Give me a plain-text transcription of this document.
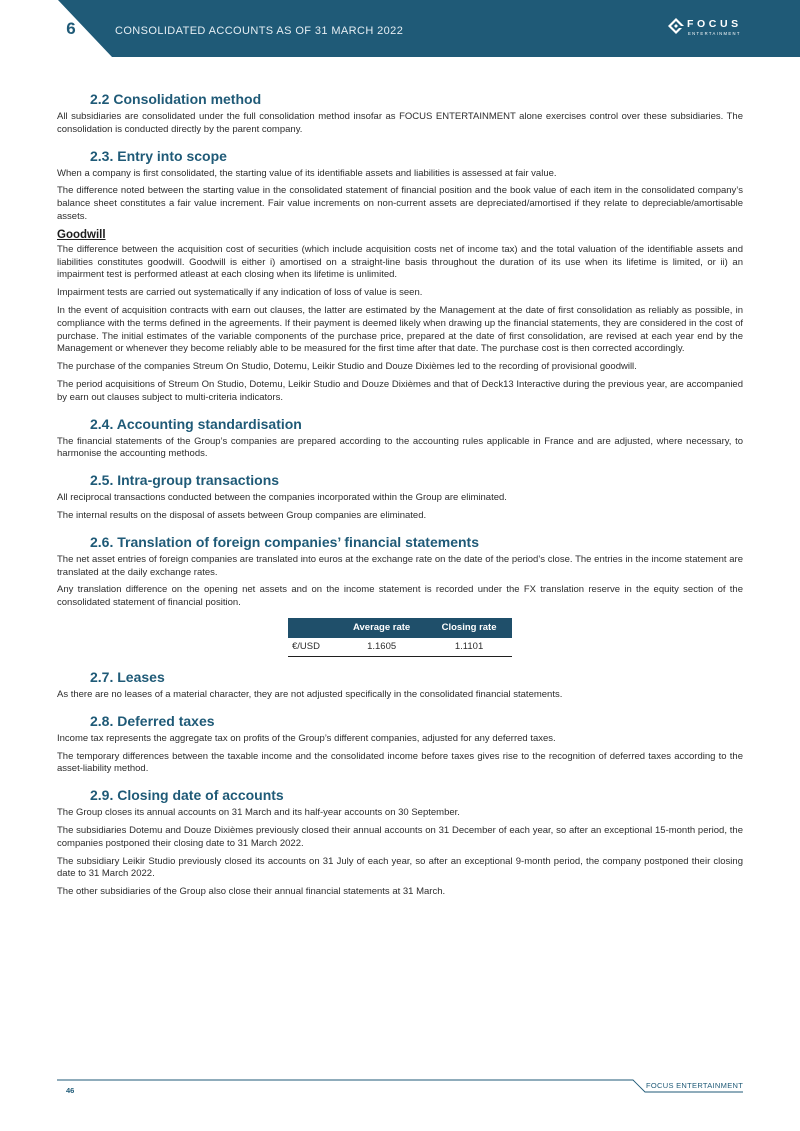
6	CONSOLIDATED ACCOUNTS AS OF 31 MARCH 2022
FOCUS
ENTERTAINMENT
2.2 Consolidation method

All subsidiaries are consolidated under the full consolidation method insofar as FOCUS ENTERTAINMENT alone exercises control over these subsidiaries. The consolidation is conducted directly by the parent company.

2.3. Entry into scope

When a company is first consolidated, the starting value of its identifiable assets and liabilities is assessed at fair value.

The difference noted between the starting value in the consolidated statement of financial position and the book value of each item in the consolidated company’s balance sheet constitutes a fair value increment. Fair value increments on non-current assets are depreciated/amortised if they relate to depreciable/amortisable assets.

Goodwill

The difference between the acquisition cost of securities (which include acquisition costs net of income tax) and the total valuation of the identifiable assets and liabilities constitutes goodwill. Goodwill is either i) amortised on a straight-line basis throughout the duration of its use when its lifetime is limited, or ii) an impairment test is performed atleast at each closing when its lifetime is unlimited.

Impairment tests are carried out systematically if any indication of loss of value is seen.

In the event of acquisition contracts with earn out clauses, the latter are estimated by the Management at the date of first consolidation as reliably as possible, in compliance with the terms defined in the agreements. If their payment is deemed likely when drawing up the financial statements, they are considered in the cost of purchase. The initial estimates of the variable components of the purchase price, prepared at the date of first consolidation, are revised at each year end by the Management or whenever they become reliably able to be measured for the first time after that date. The purchase cost is then corrected accordingly.

The purchase of the companies Streum On Studio, Dotemu, Leikir Studio and Douze Dixièmes led to the recording of provisional goodwill.

The period acquisitions of Streum On Studio, Dotemu, Leikir Studio and Douze Dixièmes and that of Deck13 Interactive during the previous year, are accompanied by earn out clauses subject to multi-criteria indicators.

2.4. Accounting standardisation

The financial statements of the Group’s companies are prepared according to the accounting rules applicable in France and are adjusted, where necessary, to harmonise the accounting methods.

2.5. Intra-group transactions

All reciprocal transactions conducted between the companies incorporated within the Group are eliminated.

The internal results on the disposal of assets between Group companies are eliminated.

2.6. Translation of foreign companies’ financial statements

The net asset entries of foreign companies are translated into euros at the exchange rate on the date of the period’s close. The entries in the income statement are translated at the daily exchange rates.

Any translation difference on the opening net assets and on the income statement is recorded under the FX translation reserve in the equity section of the consolidated statement of financial position.

	Average rate	Closing rate
€/USD	1.1605	1.1101
2.7. Leases

As there are no leases of a material character, they are not adjusted specifically in the consolidated financial statements.

2.8. Deferred taxes

Income tax represents the aggregate tax on profits of the Group’s different companies, adjusted for any deferred taxes.

The temporary differences between the taxable income and the consolidated income before taxes gives rise to the recognition of deferred taxes according to the asset-liability method.

2.9. Closing date of accounts

The Group closes its annual accounts on 31 March and its half-year accounts on 30 September.

The subsidiaries Dotemu and Douze Dixièmes previously closed their annual accounts on 31 December of each year, so after an exceptional 15-month period, the companies postponed their closing date to 31 March 2022.

The subsidiary Leikir Studio previously closed its accounts on 31 July of each year, so after an exceptional 9-month period, the company postponed their closing date to 31 March 2022.

The other subsidiaries of the Group also close their annual financial statements at 31 March.

46
FOCUS ENTERTAINMENT
